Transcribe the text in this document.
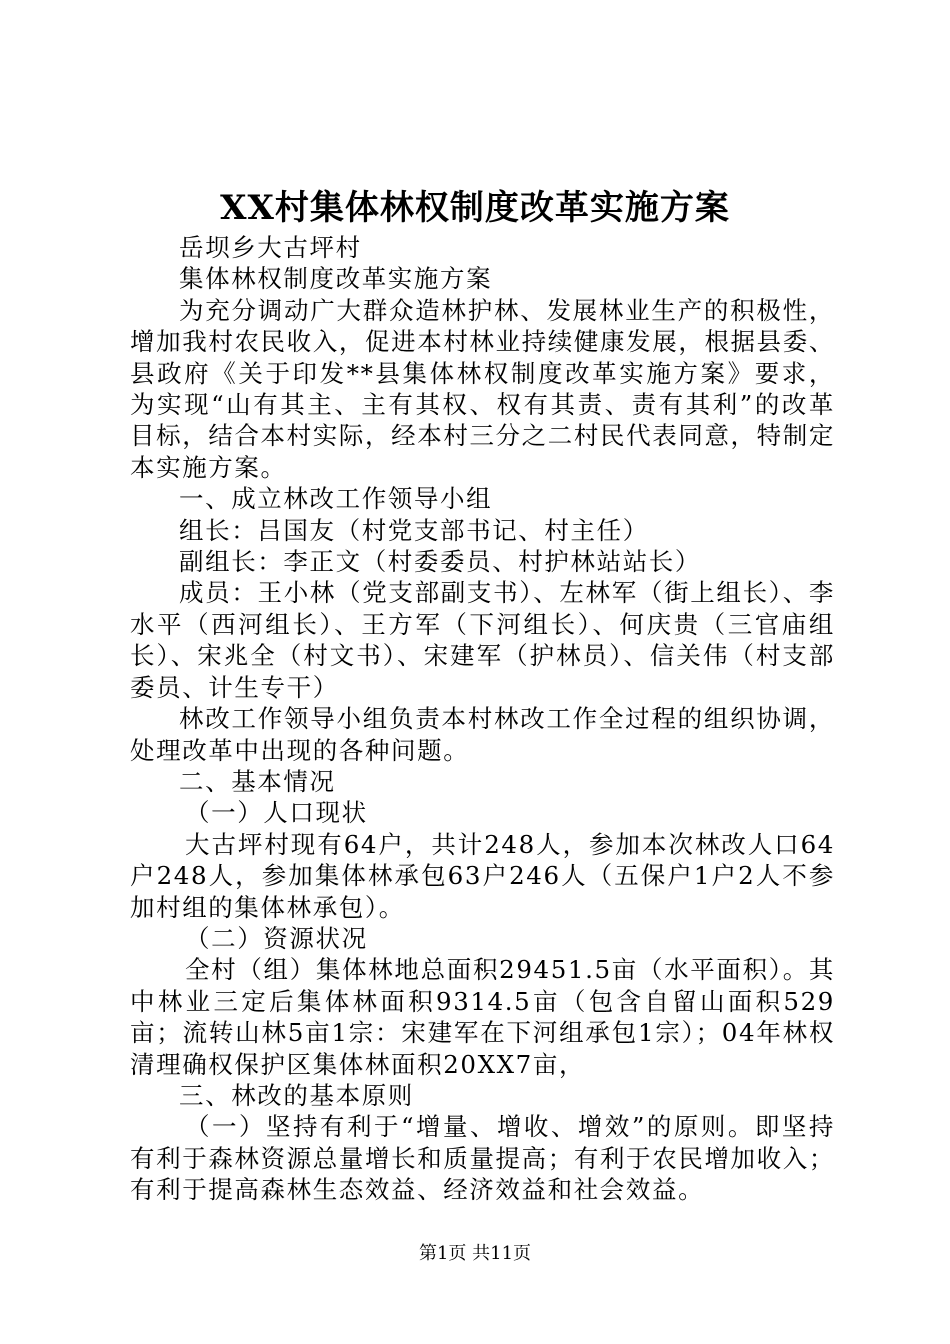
XX村集体林权制度改革实施方案

岳坝乡大古坪村

集体林权制度改革实施方案

为充分调动广大群众造林护林、发展林业生产的积极性，增加我村农民收入，促进本村林业持续健康发展，根据县委、县政府《关于印发**县集体林权制度改革实施方案》要求，为实现“山有其主、主有其权、权有其责、责有其利”的改革目标，结合本村实际，经本村三分之二村民代表同意，特制定本实施方案。

一、成立林改工作领导小组

组长：吕国友（村党支部书记、村主任）

副组长：李正文（村委委员、村护林站站长）

成员：王小林（党支部副支书）、左林军（街上组长）、李水平（西河组长）、王方军（下河组长）、何庆贵（三官庙组长）、宋兆全（村文书）、宋建军（护林员）、信关伟（村支部委员、计生专干）

林改工作领导小组负责本村林改工作全过程的组织协调，处理改革中出现的各种问题。

二、基本情况

（一）人口现状

大古坪村现有64户，共计248人，参加本次林改人口64户248人，参加集体林承包63户246人（五保户1户2人不参加村组的集体林承包）。

（二）资源状况

全村（组）集体林地总面积29451.5亩（水平面积）。其中林业三定后集体林面积9314.5亩（包含自留山面积529亩；流转山林5亩1宗：宋建军在下河组承包1宗）；04年林权清理确权保护区集体林面积20XX7亩，

三、林改的基本原则

（一）坚持有利于“增量、增收、增效”的原则。即坚持有利于森林资源总量增长和质量提高；有利于农民增加收入；有利于提高森林生态效益、经济效益和社会效益。

第1页 共11页
